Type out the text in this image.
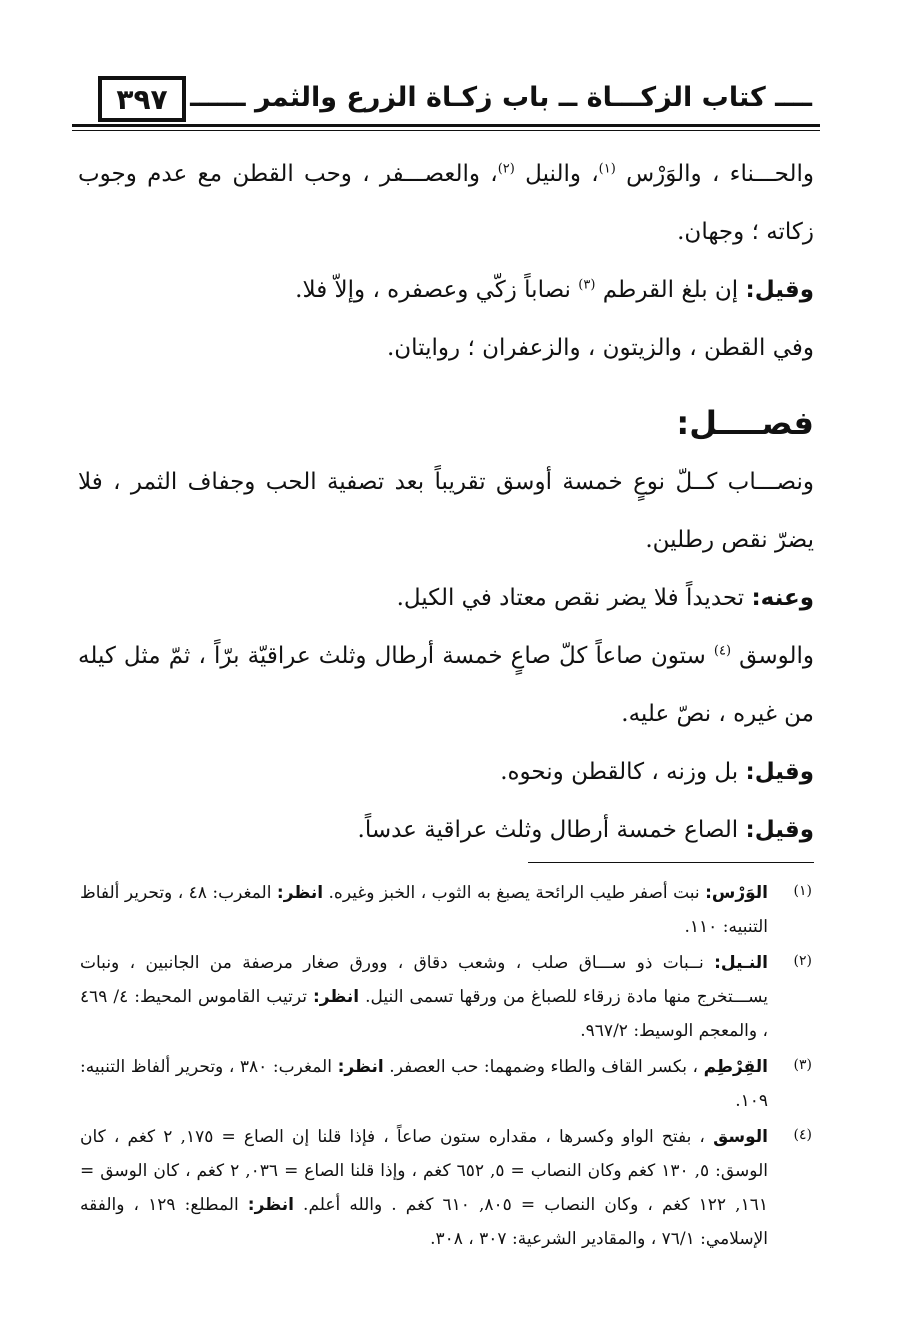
٣٩٧ ــــ كتاب الزكـــاة ــ باب زكـاة الزرع والثمر ــــــ

والحـــناء ، والوَرْس $^{(١)}$، والنيل $^{(٢)}$، والعصـــفر ، وحب القطن مع عدم وجوب زكاته ؛ وجهان.

وقيل: إن بلغ القرطم $^{(٣)}$ نصاباً زكّي وعصفره ، وإلاّ فلا.

وفي القطن ، والزيتون ، والزعفران ؛ روايتان.

فصــــل:

ونصـــاب كــلّ نوعٍ خمسة أوسق تقريباً بعد تصفية الحب وجفاف الثمر ، فلا يضرّ نقص رطلين.

وعنه: تحديداً فلا يضر نقص معتاد في الكيل.

والوسق $^{(٤)}$ ستون صاعاً كلّ صاعٍ خمسة أرطال وثلث عراقيّة برّاً ، ثمّ مثل كيله من غيره ، نصّ عليه.

وقيل: بل وزنه ، كالقطن ونحوه.

وقيل: الصاع خمسة أرطال وثلث عراقية عدساً.

(١)
الوَرْس: نبت أصفر طيب الرائحة يصبغ به الثوب ، الخبز وغيره. انظر: المغرب: ٤٨ ، وتحرير ألفاظ التنبيه: ١١٠.
(٢)
النـيل: نــبات ذو ســـاق صلب ، وشعب دقاق ، وورق صغار مرصفة من الجانبين ، ونبات يســـتخرج منها مادة زرقاء للصباغ من ورقها تسمى النيل. انظر: ترتيب القاموس المحيط: ٤/ ٤٦٩ ، والمعجم الوسيط: ٩٦٧/٢.
(٣)
القِرْطِم ، بكسر القاف والطاء وضمهما: حب العصفر. انظر: المغرب: ٣٨٠ ، وتحرير ألفاظ التنبيه: ١٠٩.
(٤)
الوسق ، بفتح الواو وكسرها ، مقداره ستون صاعاً ، فإذا قلنا إن الصاع = ١٧٥, ٢ كغم ، كان الوسق: ٥, ١٣٠ كغم وكان النصاب = ٥, ٦٥٢ كغم ، وإذا قلنا الصاع = ٠٣٦, ٢ كغم ، كان الوسق = ١٦١, ١٢٢ كغم ، وكان النصاب = ٨٠٥, ٦١٠ كغم . والله أعلم. انظر: المطلع: ١٢٩ ، والفقه الإسلامي: ٧٦/١ ، والمقادير الشرعية: ٣٠٧ ، ٣٠٨.
